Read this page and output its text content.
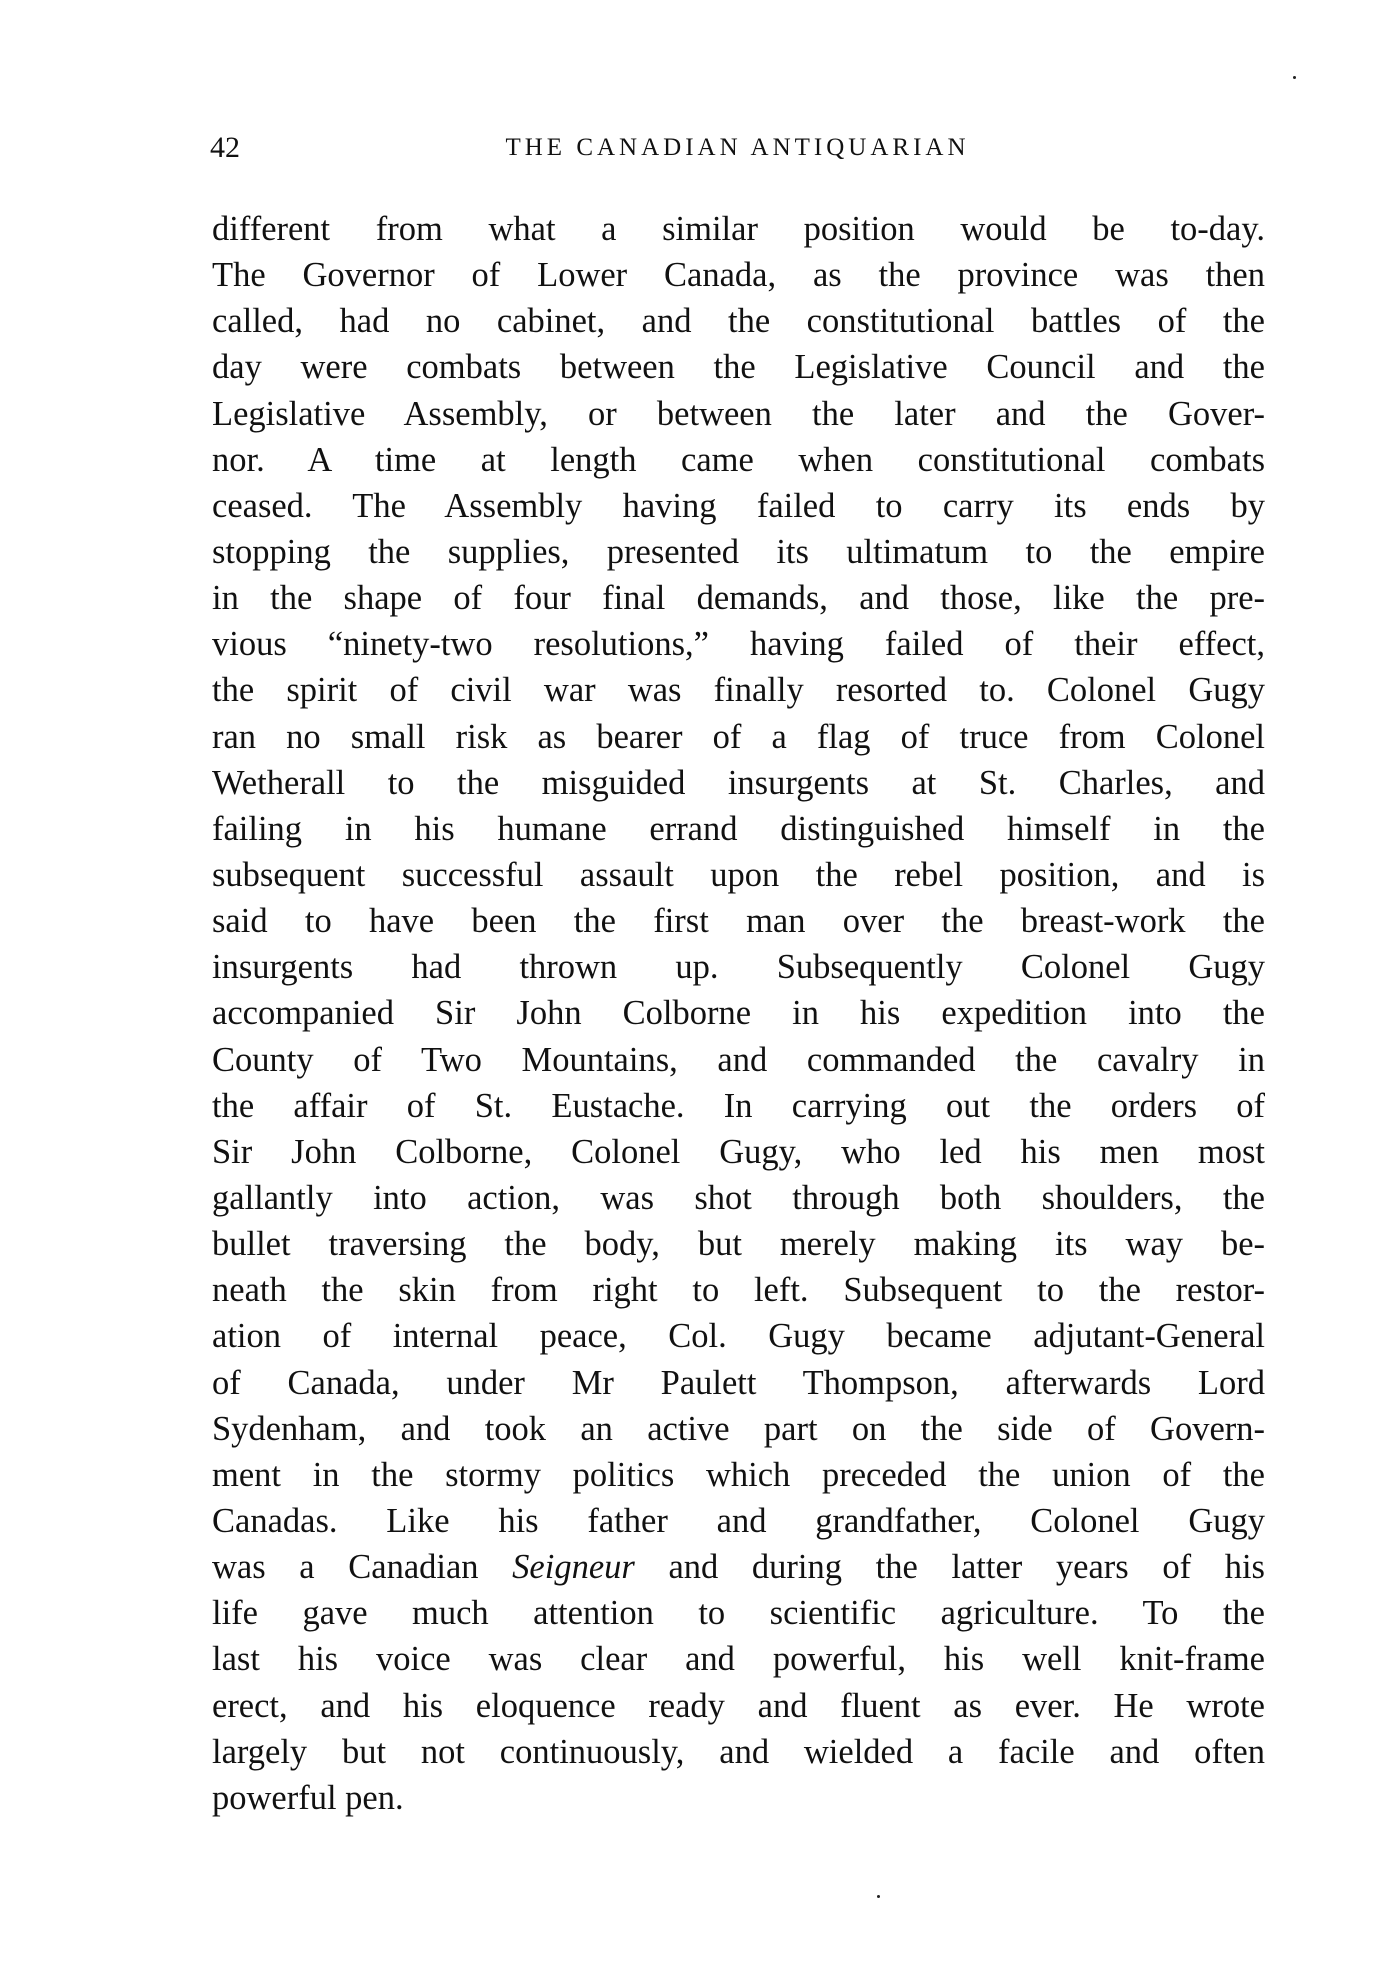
42	THE CANADIAN ANTIQUARIAN
different from what a similar position would be to-day.
The Governor of Lower Canada, as the province was then
called, had no cabinet, and the constitutional battles of the
day were combats between the Legislative Council and the
Legislative Assembly, or between the later and the Gover-
nor. A time at length came when constitutional combats
ceased. The Assembly having failed to carry its ends by
stopping the supplies, presented its ultimatum to the empire
in the shape of four final demands, and those, like the pre-
vious “ninety-two resolutions,” having failed of their effect,
the spirit of civil war was finally resorted to. Colonel Gugy
ran no small risk as bearer of a flag of truce from Colonel
Wetherall to the misguided insurgents at St. Charles, and
failing in his humane errand distinguished himself in the
subsequent successful assault upon the rebel position, and is
said to have been the first man over the breast-work the
insurgents had thrown up. Subsequently Colonel Gugy
accompanied Sir John Colborne in his expedition into the
County of Two Mountains, and commanded the cavalry in
the affair of St. Eustache. In carrying out the orders of
Sir John Colborne, Colonel Gugy, who led his men most
gallantly into action, was shot through both shoulders, the
bullet traversing the body, but merely making its way be-
neath the skin from right to left. Subsequent to the restor-
ation of internal peace, Col. Gugy became adjutant-General
of Canada, under Mr Paulett Thompson, afterwards Lord
Sydenham, and took an active part on the side of Govern-
ment in the stormy politics which preceded the union of the
Canadas. Like his father and grandfather, Colonel Gugy
was a Canadian Seigneur and during the latter years of his
life gave much attention to scientific agriculture. To the
last his voice was clear and powerful, his well knit-frame
erect, and his eloquence ready and fluent as ever. He wrote
largely but not continuously, and wielded a facile and often
powerful pen.
